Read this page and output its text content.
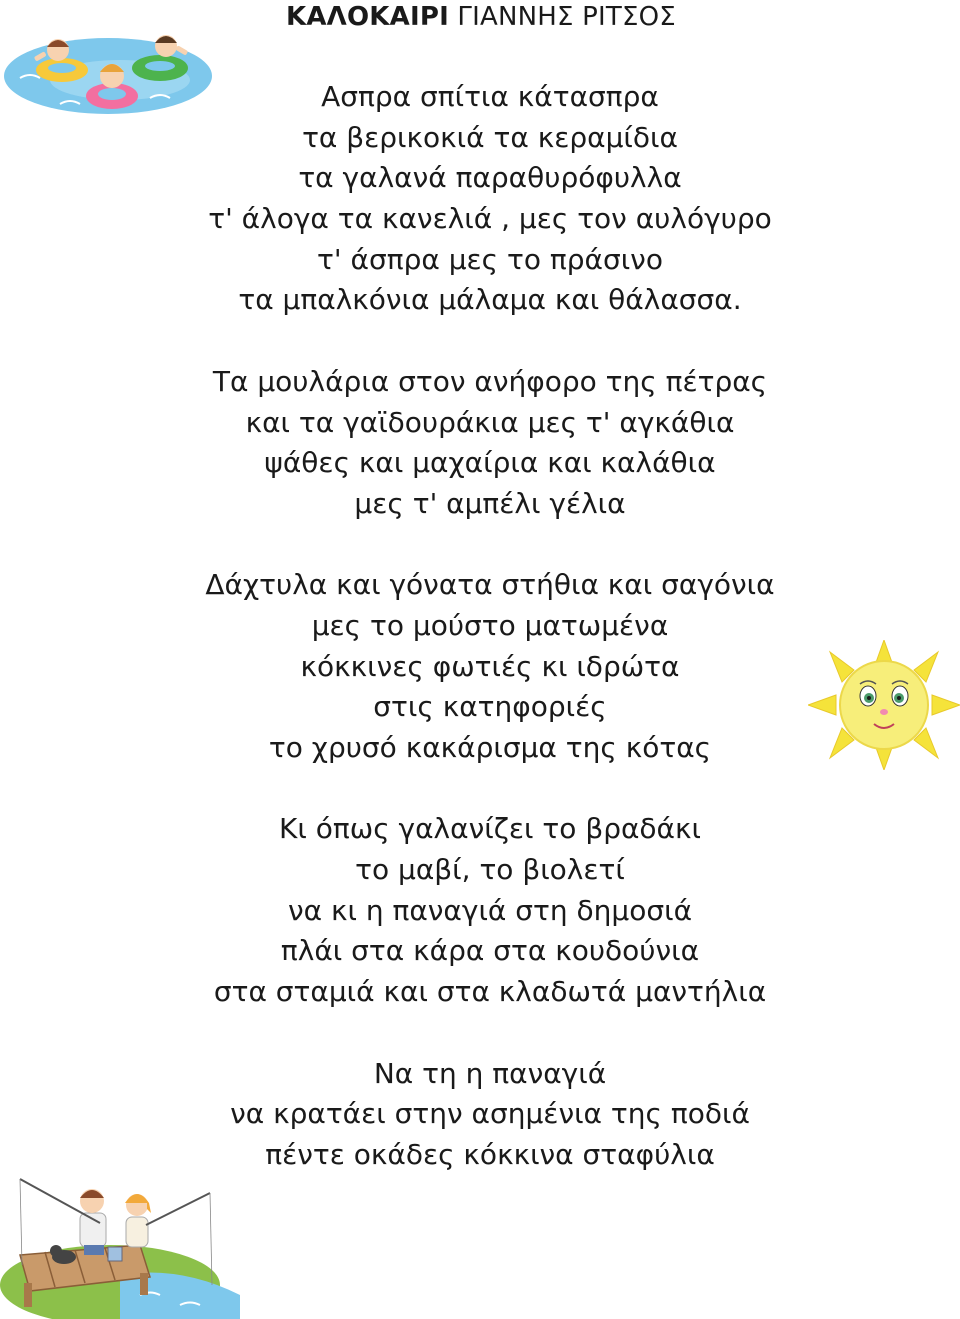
ΚΑΛΟΚΑΙΡΙ ΓΙΑΝΝΗΣ ΡΙΤΣΟΣ
Ασπρα σπίτια κάτασπρα
τα βερικοκιά τα κεραμίδια
τα γαλανά παραθυρόφυλλα
τ' άλογα τα κανελιά , μες τον αυλόγυρο
τ' άσπρα μες το πράσινο
τα μπαλκόνια μάλαμα και θάλασσα.
Τα μουλάρια στον ανήφορο της πέτρας
και τα γαϊδουράκια μες τ' αγκάθια
ψάθες και μαχαίρια και καλάθια
μες τ' αμπέλι γέλια
Δάχτυλα και γόνατα στήθια και σαγόνια
μες το μούστο ματωμένα
κόκκινες φωτιές κι ιδρώτα
στις κατηφοριές
το χρυσό κακάρισμα της κότας
Κι όπως γαλανίζει το βραδάκι
το μαβί, το βιολετί
να κι η παναγιά στη δημοσιά
πλάι στα κάρα στα κουδούνια
στα σταμιά και στα κλαδωτά μαντήλια
Να τη η παναγιά
να κρατάει στην ασημένια της ποδιά
πέντε οκάδες κόκκινα σταφύλια
